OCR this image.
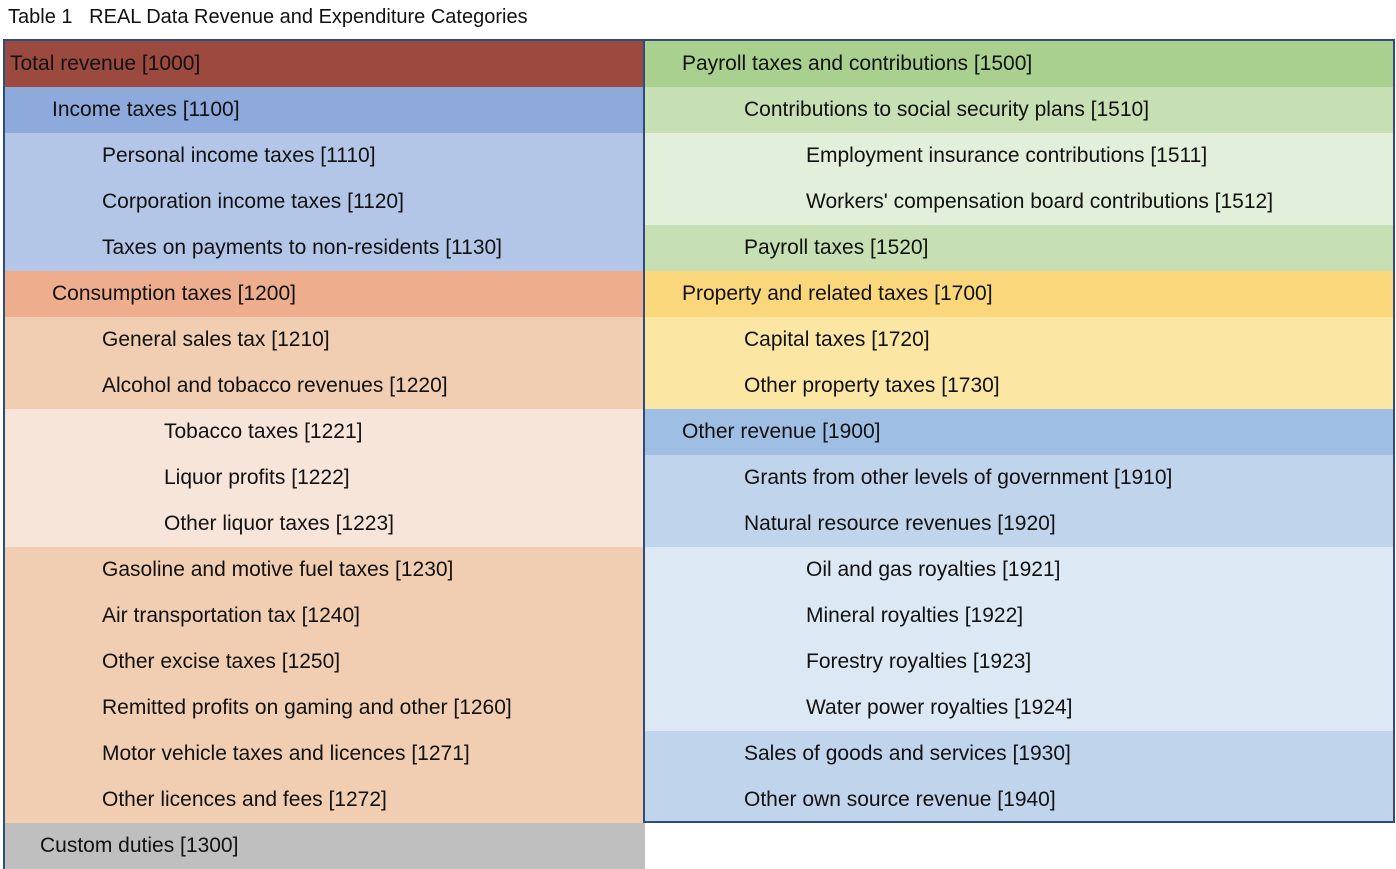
Table 1   REAL Data Revenue and Expenditure Categories
Total revenue [1000]
Income taxes [1100]
Personal income taxes [1110]
Corporation income taxes [1120]
Taxes on payments to non-residents [1130]
Consumption taxes [1200]
General sales tax [1210]
Alcohol and tobacco revenues [1220]
Tobacco taxes [1221]
Liquor profits [1222]
Other liquor taxes [1223]
Gasoline and motive fuel taxes [1230]
Air transportation tax [1240]
Other excise taxes [1250]
Remitted profits on gaming and other [1260]
Motor vehicle taxes and licences [1271]
Other licences and fees [1272]
Custom duties [1300]
Payroll taxes and contributions [1500]
Contributions to social security plans [1510]
Employment insurance contributions [1511]
Workers' compensation board contributions [1512]
Payroll taxes [1520]
Property and related taxes [1700]
Capital taxes [1720]
Other property taxes [1730]
Other revenue [1900]
Grants from other levels of government [1910]
Natural resource revenues [1920]
Oil and gas royalties [1921]
Mineral royalties [1922]
Forestry royalties [1923]
Water power royalties [1924]
Sales of goods and services [1930]
Other own source revenue [1940]
